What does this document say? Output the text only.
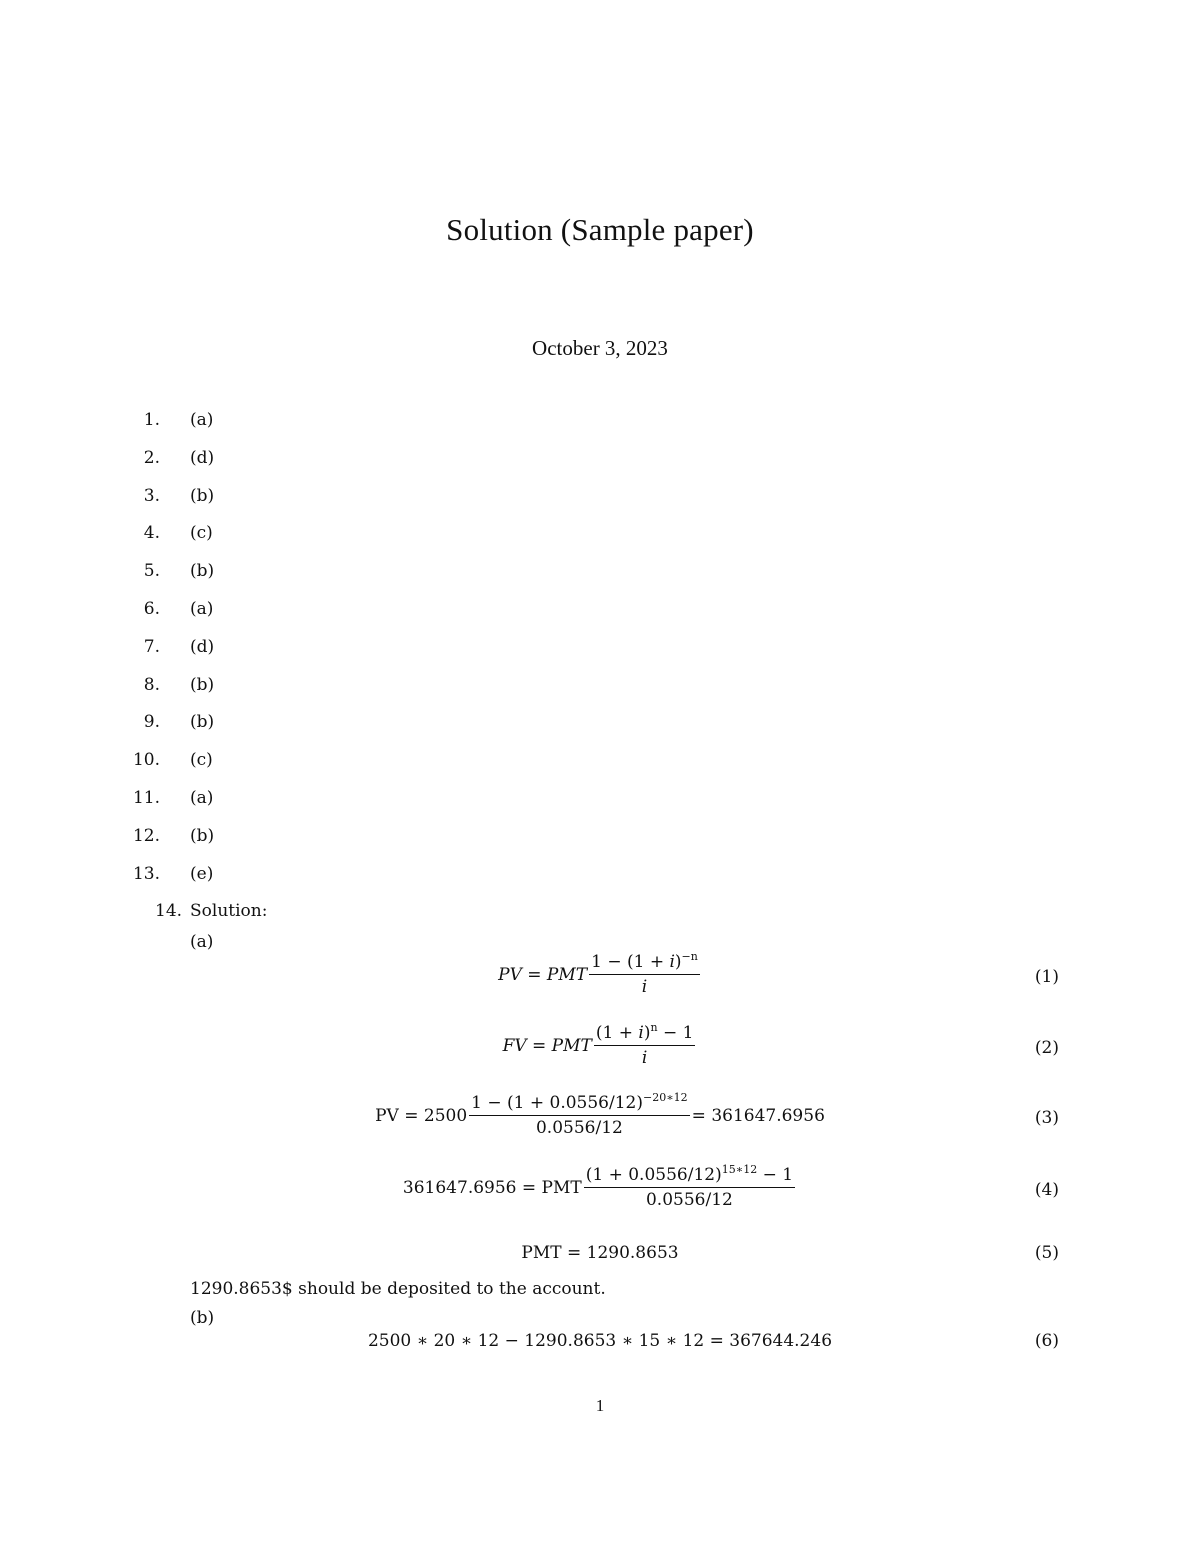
Solution (Sample paper)
October 3, 2023
1. (a)
2. (d)
3. (b)
4. (c)
5. (b)
6. (a)
7. (d)
8. (b)
9. (b)
10. (c)
11. (a)
12. (b)
13. (e)
14. Solution:
(a)
PV = PMT $\frac{1 - (1 + i)^{-n}}{i}$	(1)
FV = PMT $\frac{(1 + i)^n - 1}{i}$	(2)
PV = $2500 \frac{1 - (1 + 0.0556/12)^{-20∗12}}{0.0556/12} = 361647.6956$	(3)
361647.6956 = PMT $\frac{(1 + 0.0556/12)^{15∗12} - 1}{0.0556/12}$	(4)
PMT = 1290.8653	(5)
1290.8653$ should be deposited to the account.
(b)
2500 ∗ 20 ∗ 12 − 1290.8653 ∗ 15 ∗ 12 = 367644.246	(6)
1
